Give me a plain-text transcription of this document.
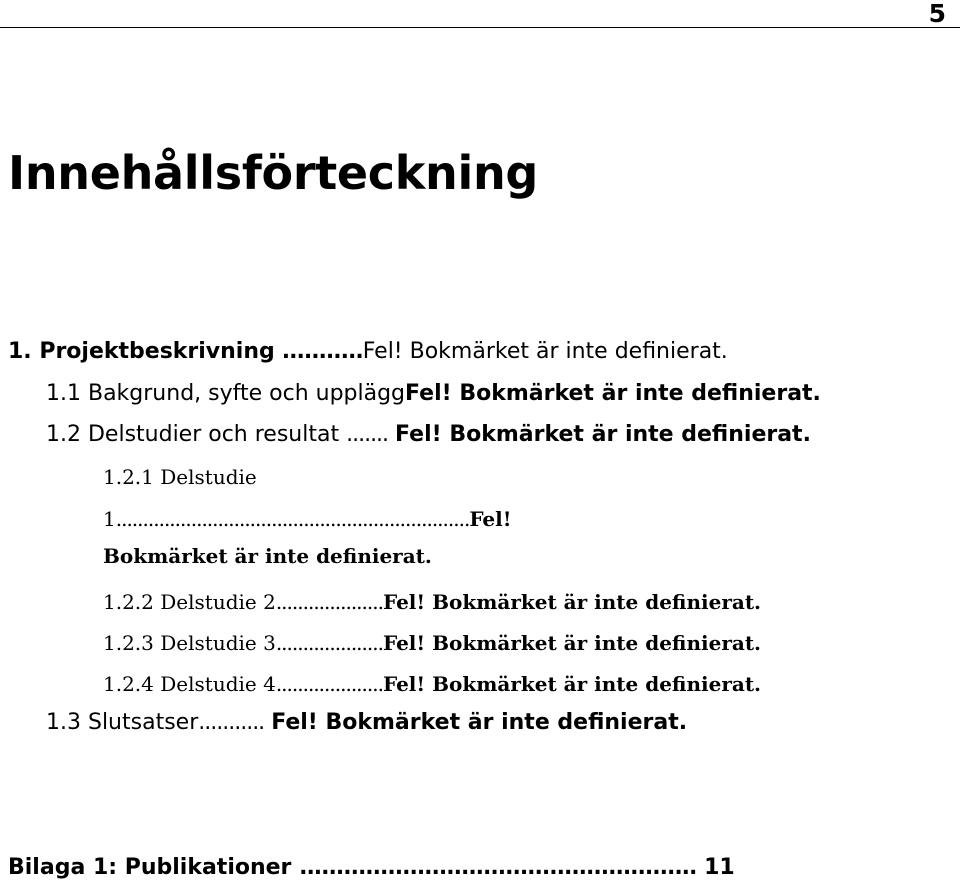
5
Innehållsförteckning
1. Projektbeskrivning ...........Fel! Bokmärket är inte definierat.
1.1 Bakgrund, syfte och uppläggFel! Bokmärket är inte definierat.
1.2 Delstudier och resultat ....... Fel! Bokmärket är inte definierat.
1.2.1 Delstudie
1..................................................................Fel!
Bokmärket är inte definierat.
1.2.2 Delstudie 2....................Fel! Bokmärket är inte definierat.
1.2.3 Delstudie 3....................Fel! Bokmärket är inte definierat.
1.2.4 Delstudie 4....................Fel! Bokmärket är inte definierat.
1.3 Slutsatser........... Fel! Bokmärket är inte definierat.
Bilaga 1: Publikationer ...................................................... 11
